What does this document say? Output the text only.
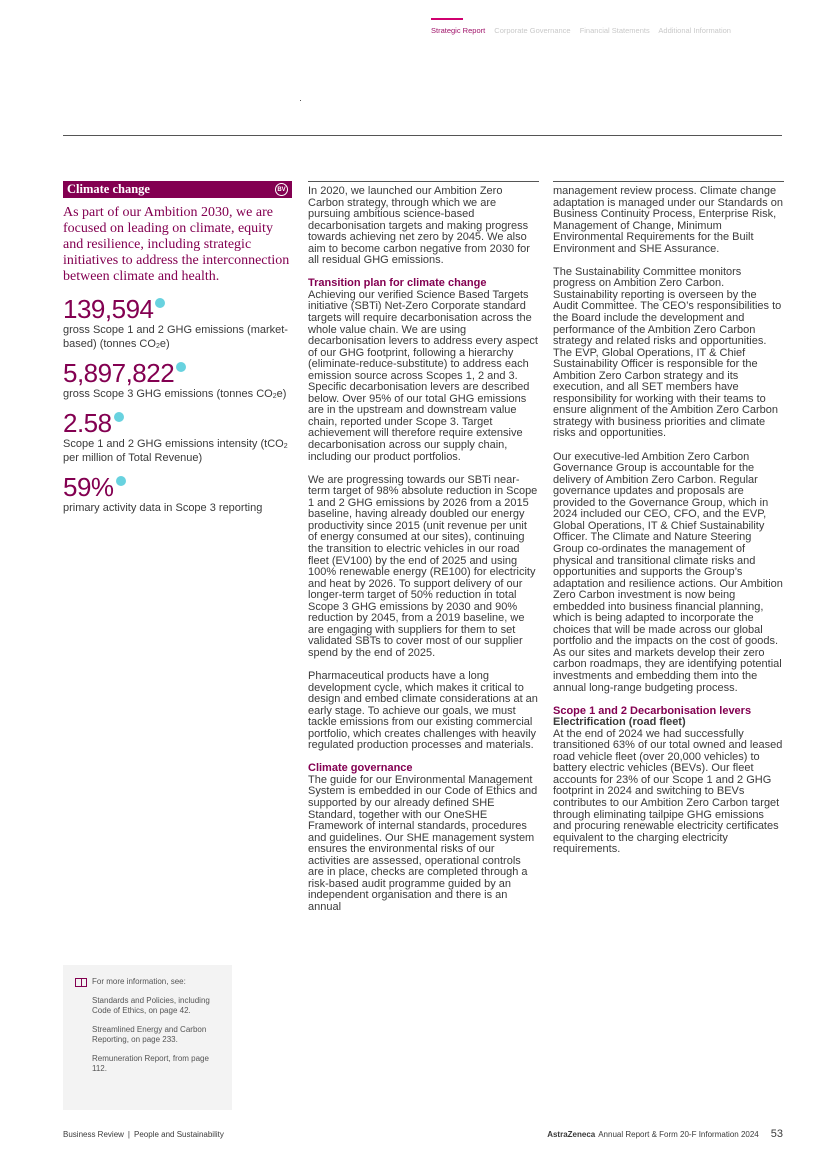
Strategic Report Corporate Governance Financial Statements Additional Information
Climate change	BV

As part of our Ambition 2030, we are focused on leading on climate, equity and resilience, including strategic initiatives to address the interconnection between climate and health.

139,594
gross Scope 1 and 2 GHG emissions (market-based) (tonnes $CO_2e$)
5,897,822
gross Scope 3 GHG emissions (tonnes $CO_2e$)
2.58
Scope 1 and 2 GHG emissions intensity (tCO$_2$ per million of Total Revenue)
59%
primary activity data in Scope 3 reporting
For more information, see:
Standards and Policies, including Code of Ethics, on page 42.
Streamlined Energy and Carbon Reporting, on page 233.
Remuneration Report, from page 112.

In 2020, we launched our Ambition Zero Carbon strategy, through which we are pursuing ambitious science-based decarbonisation targets and making progress towards achieving net zero by 2045. We also aim to become carbon negative from 2030 for all residual GHG emissions.

Transition plan for climate change

Achieving our verified Science Based Targets initiative (SBTi) Net-Zero Corporate standard targets will require decarbonisation across the whole value chain. We are using decarbonisation levers to address every aspect of our GHG footprint, following a hierarchy (eliminate-reduce-substitute) to address each emission source across Scopes 1, 2 and 3. Specific decarbonisation levers are described below. Over 95% of our total GHG emissions are in the upstream and downstream value chain, reported under Scope 3. Target achievement will therefore require extensive decarbonisation across our supply chain, including our product portfolios.

We are progressing towards our SBTi near-term target of 98% absolute reduction in Scope 1 and 2 GHG emissions by 2026 from a 2015 baseline, having already doubled our energy productivity since 2015 (unit revenue per unit of energy consumed at our sites), continuing the transition to electric vehicles in our road fleet (EV100) by the end of 2025 and using 100% renewable energy (RE100) for electricity and heat by 2026. To support delivery of our longer-term target of 50% reduction in total Scope 3 GHG emissions by 2030 and 90% reduction by 2045, from a 2019 baseline, we are engaging with suppliers for them to set validated SBTs to cover most of our supplier spend by the end of 2025.

Pharmaceutical products have a long development cycle, which makes it critical to design and embed climate considerations at an early stage. To achieve our goals, we must tackle emissions from our existing commercial portfolio, which creates challenges with heavily regulated production processes and materials.

Climate governance

The guide for our Environmental Management System is embedded in our Code of Ethics and supported by our already defined SHE Standard, together with our OneSHE Framework of internal standards, procedures and guidelines. Our SHE management system ensures the environmental risks of our activities are assessed, operational controls are in place, checks are completed through a risk-based audit programme guided by an independent organisation and there is an annual

management review process. Climate change adaptation is managed under our Standards on Business Continuity Process, Enterprise Risk, Management of Change, Minimum Environmental Requirements for the Built Environment and SHE Assurance.

The Sustainability Committee monitors progress on Ambition Zero Carbon. Sustainability reporting is overseen by the Audit Committee. The CEO’s responsibilities to the Board include the development and performance of the Ambition Zero Carbon strategy and related risks and opportunities. The EVP, Global Operations, IT & Chief Sustainability Officer is responsible for the Ambition Zero Carbon strategy and its execution, and all SET members have responsibility for working with their teams to ensure alignment of the Ambition Zero Carbon strategy with business priorities and climate risks and opportunities.

Our executive-led Ambition Zero Carbon Governance Group is accountable for the delivery of Ambition Zero Carbon. Regular governance updates and proposals are provided to the Governance Group, which in 2024 included our CEO, CFO, and the EVP, Global Operations, IT & Chief Sustainability Officer. The Climate and Nature Steering Group co-ordinates the management of physical and transitional climate risks and opportunities and supports the Group’s adaptation and resilience actions. Our Ambition Zero Carbon investment is now being embedded into business financial planning, which is being adapted to incorporate the choices that will be made across our global portfolio and the impacts on the cost of goods. As our sites and markets develop their zero carbon roadmaps, they are identifying potential investments and embedding them into the annual long-range budgeting process.

Scope 1 and 2 Decarbonisation levers
Electrification (road fleet)

At the end of 2024 we had successfully transitioned 63% of our total owned and leased road vehicle fleet (over 20,000 vehicles) to battery electric vehicles (BEVs). Our fleet accounts for 23% of our Scope 1 and 2 GHG footprint in 2024 and switching to BEVs contributes to our Ambition Zero Carbon target through eliminating tailpipe GHG emissions and procuring renewable electricity certificates equivalent to the charging electricity requirements.

Business Review | People and Sustainability	AstraZeneca Annual Report & Form 20-F Information 2024 53
